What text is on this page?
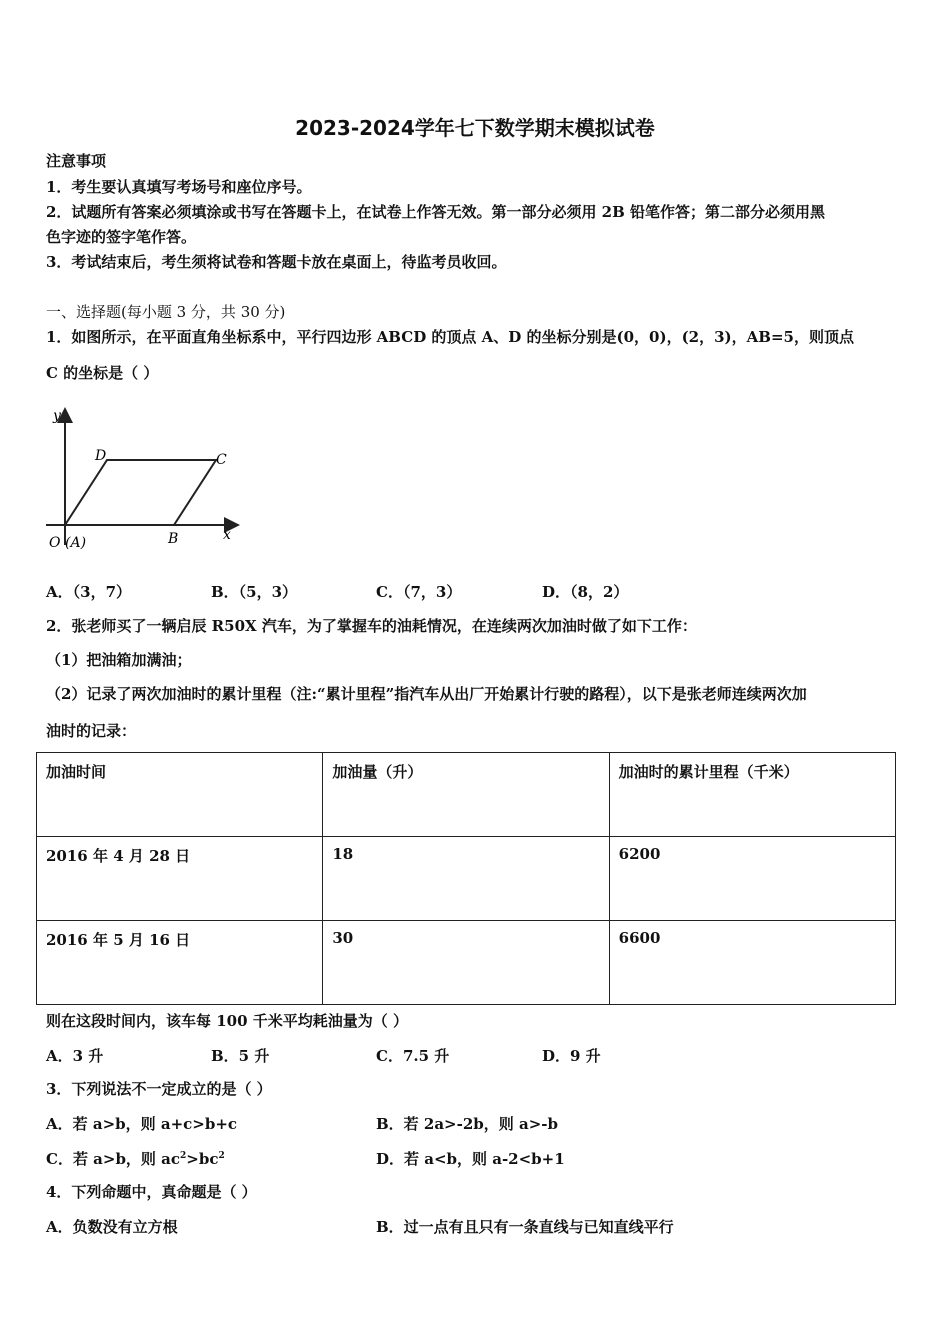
2023-2024学年七下数学期末模拟试卷
注意事项
1．考生要认真填写考场号和座位序号。
2．试题所有答案必须填涂或书写在答题卡上，在试卷上作答无效。第一部分必须用 2B 铅笔作答；第二部分必须用黑
色字迹的签字笔作答。
3．考试结束后，考生须将试卷和答题卡放在桌面上，待监考员收回。
一、选择题(每小题 3 分，共 30 分)
1．如图所示，在平面直角坐标系中，平行四边形 ABCD 的顶点 A、D 的坐标分别是(0，0)，(2，3)，AB=5，则顶点
C 的坐标是（ ）
y
x
D	C
O (A)	B
A．（3，7）	B．（5，3）	C．（7，3）	D．（8，2）
2．张老师买了一辆启辰 R50X 汽车，为了掌握车的油耗情况，在连续两次加油时做了如下工作：
（1）把油箱加满油；
（2）记录了两次加油时的累计里程（注:“累计里程”指汽车从出厂开始累计行驶的路程），以下是张老师连续两次加
油时的记录：
加油时间	加油量（升）	加油时的累计里程（千米）
2016 年 4 月 28 日	18	6200
2016 年 5 月 16 日	30	6600
则在这段时间内，该车每 100 千米平均耗油量为（ ）
A．3 升	B．5 升	C．7.5 升	D．9 升
3．下列说法不一定成立的是（ ）
A．若 a>b，则 a+c>b+c	B．若 2a>-2b，则 a>-b
C．若 a>b，则 $ac^2>bc^2$	D．若 a<b，则 a-2<b+1
4．下列命题中，真命题是（ ）
A．负数没有立方根	B．过一点有且只有一条直线与已知直线平行
